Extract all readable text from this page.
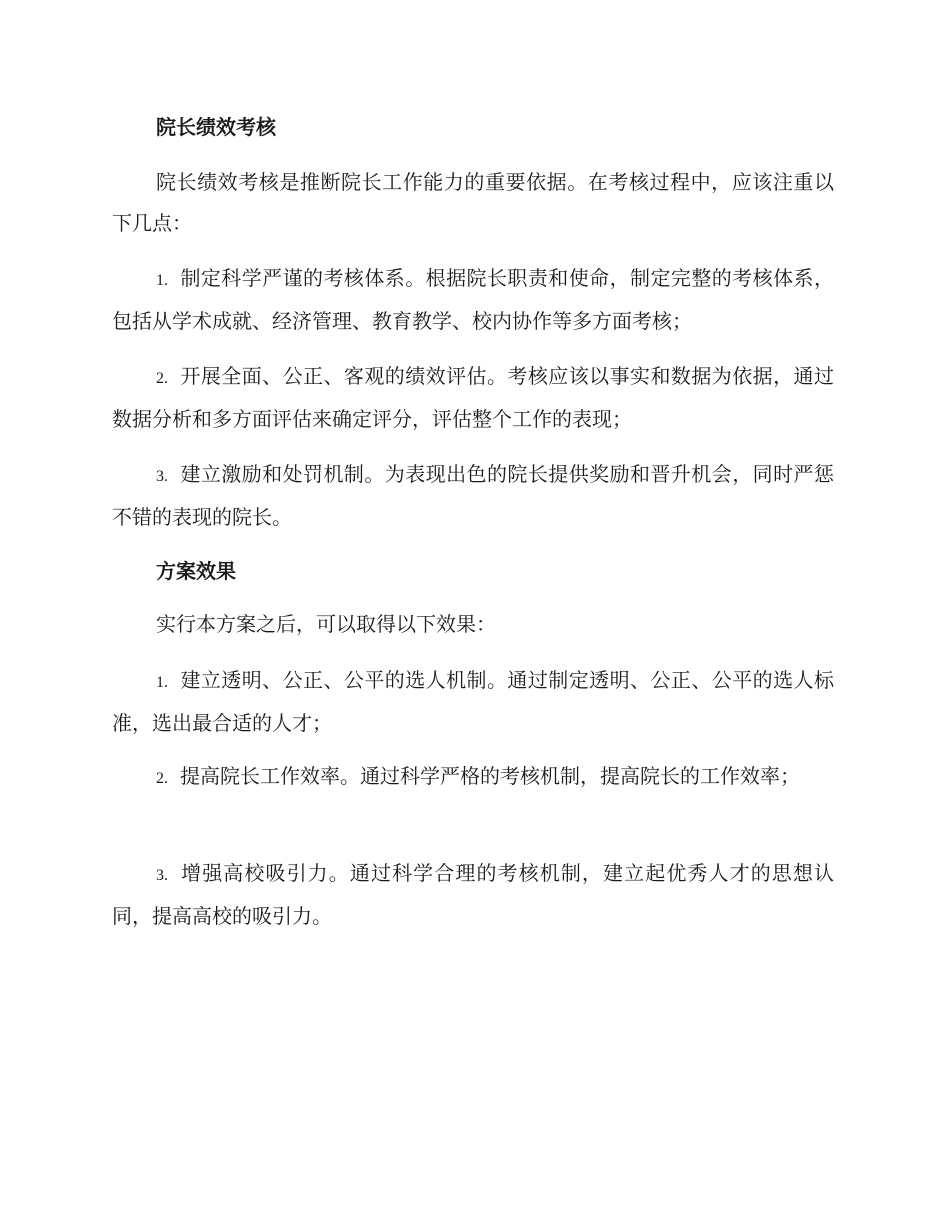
院长绩效考核

院长绩效考核是推断院长工作能力的重要依据。在考核过程中，应该注重以下几点：

1. 制定科学严谨的考核体系。根据院长职责和使命，制定完整的考核体系，包括从学术成就、经济管理、教育教学、校内协作等多方面考核；

2. 开展全面、公正、客观的绩效评估。考核应该以事实和数据为依据，通过数据分析和多方面评估来确定评分，评估整个工作的表现；

3. 建立激励和处罚机制。为表现出色的院长提供奖励和晋升机会，同时严惩不错的表现的院长。

方案效果

实行本方案之后，可以取得以下效果：

1. 建立透明、公正、公平的选人机制。通过制定透明、公正、公平的选人标准，选出最合适的人才；

2. 提高院长工作效率。通过科学严格的考核机制，提高院长的工作效率；

3. 增强高校吸引力。通过科学合理的考核机制，建立起优秀人才的思想认同，提高高校的吸引力。
